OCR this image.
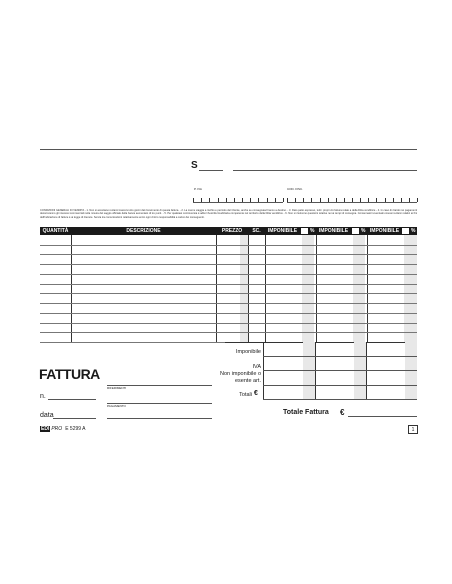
S
P. IVA	COD. FISC.
CONDIZIONI GENERALI DI VENDITA - 1. Non si accettano reclami trascorsi otto giorni dal ricevimento di questa fattura. - 2. La merce viaggia a rischio e pericolo del Cliente, anche se consegnata Franco a destino. - 3. Dato patto espresso, tutti i propri ciò fattura relate a della Ditta venditrice - 4. In caso di ritardo nei pagamenti decorreranno gli interessi commerciali nella misura del saggio ufficiale della banca aumentato di tre punti. - 5. Per qualsiasi controversia è adito l'Autorità Giudiziaria competente nel territorio della Ditta venditrice - 6. Non si risolvono questioni relative nei ai tempi di consegna. Consumatori eventuali omessi reclami relativi ai fini dell'indicazione di fatture è ai legge di ritenute. Senza tra comunicazioni relativamente entro ogni di loro responsabilità a carico dei conseguenti.
QUANTITÀ	DESCRIZIONE	PREZZO	SC.	IMPONIBILE	% IMPONIBILE	% IMPONIBILE	%
Imponibile
IVA
Non imponibile o
esente art.
Totali €
Totale Fattura €
FATTURA
n.
RIFERIMENTI
data
PAGAMENTO
EDI PRO E 5299 A	1
